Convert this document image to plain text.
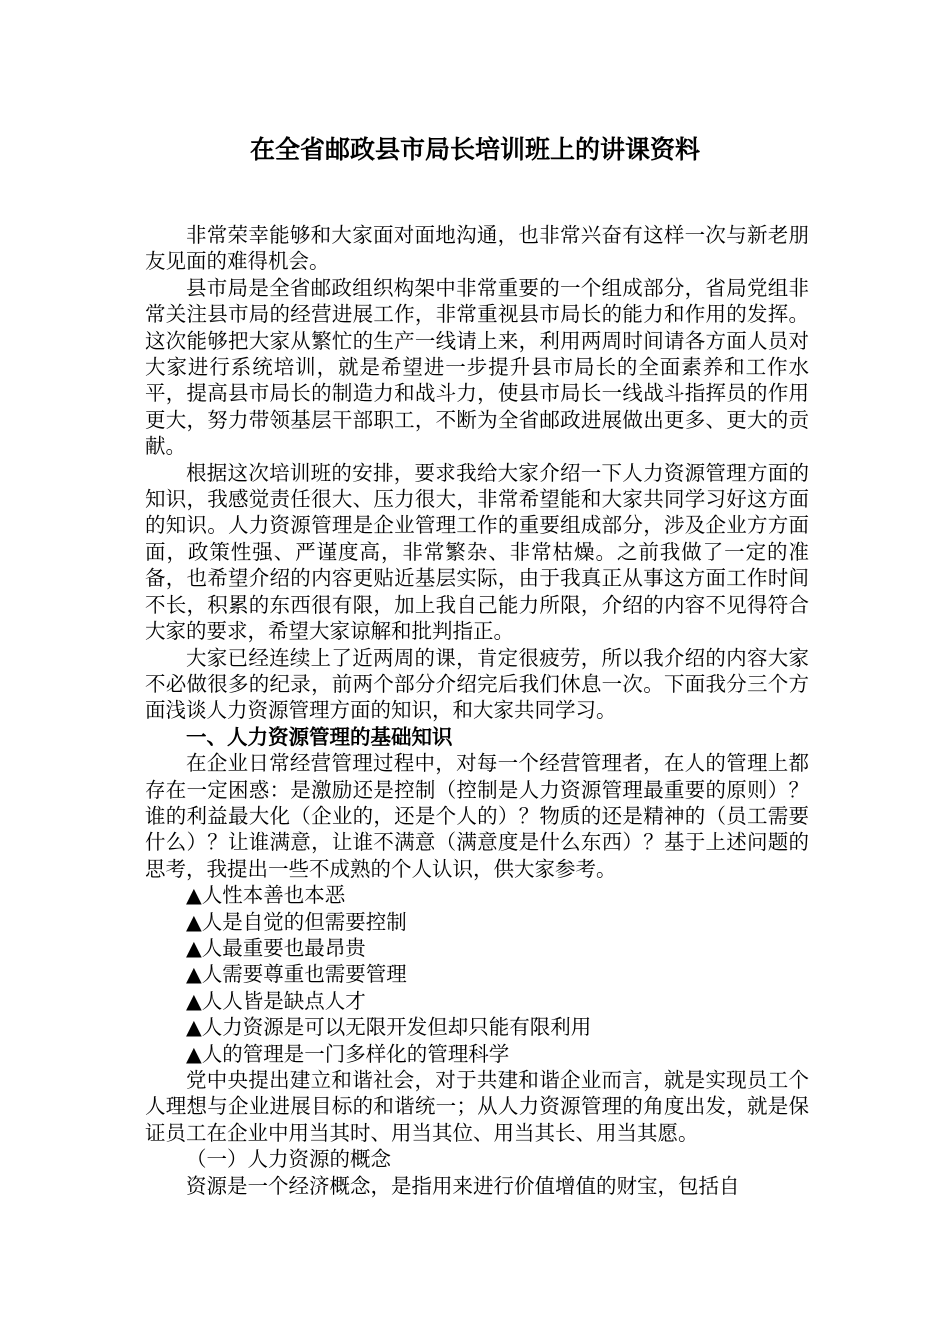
在全省邮政县市局长培训班上的讲课资料

非常荣幸能够和大家面对面地沟通，也非常兴奋有这样一次与新老朋友见面的难得机会。

县市局是全省邮政组织构架中非常重要的一个组成部分，省局党组非常关注县市局的经营进展工作，非常重视县市局长的能力和作用的发挥。这次能够把大家从繁忙的生产一线请上来，利用两周时间请各方面人员对大家进行系统培训，就是希望进一步提升县市局长的全面素养和工作水平，提高县市局长的制造力和战斗力，使县市局长一线战斗指挥员的作用更大，努力带领基层干部职工，不断为全省邮政进展做出更多、更大的贡献。

根据这次培训班的安排，要求我给大家介绍一下人力资源管理方面的知识，我感觉责任很大、压力很大，非常希望能和大家共同学习好这方面的知识。人力资源管理是企业管理工作的重要组成部分，涉及企业方方面面，政策性强、严谨度高，非常繁杂、非常枯燥。之前我做了一定的准备，也希望介绍的内容更贴近基层实际，由于我真正从事这方面工作时间不长，积累的东西很有限，加上我自己能力所限，介绍的内容不见得符合大家的要求，希望大家谅解和批判指正。

大家已经连续上了近两周的课，肯定很疲劳，所以我介绍的内容大家不必做很多的纪录，前两个部分介绍完后我们休息一次。下面我分三个方面浅谈人力资源管理方面的知识，和大家共同学习。

一、人力资源管理的基础知识

在企业日常经营管理过程中，对每一个经营管理者，在人的管理上都存在一定困惑：是激励还是控制（控制是人力资源管理最重要的原则）？谁的利益最大化（企业的，还是个人的）？物质的还是精神的（员工需要什么）？让谁满意，让谁不满意（满意度是什么东西）？基于上述问题的思考，我提出一些不成熟的个人认识，供大家参考。

▲人性本善也本恶

▲人是自觉的但需要控制

▲人最重要也最昂贵

▲人需要尊重也需要管理

▲人人皆是缺点人才

▲人力资源是可以无限开发但却只能有限利用

▲人的管理是一门多样化的管理科学

党中央提出建立和谐社会，对于共建和谐企业而言，就是实现员工个人理想与企业进展目标的和谐统一；从人力资源管理的角度出发，就是保证员工在企业中用当其时、用当其位、用当其长、用当其愿。

（一）人力资源的概念

资源是一个经济概念，是指用来进行价值增值的财宝，包括自
